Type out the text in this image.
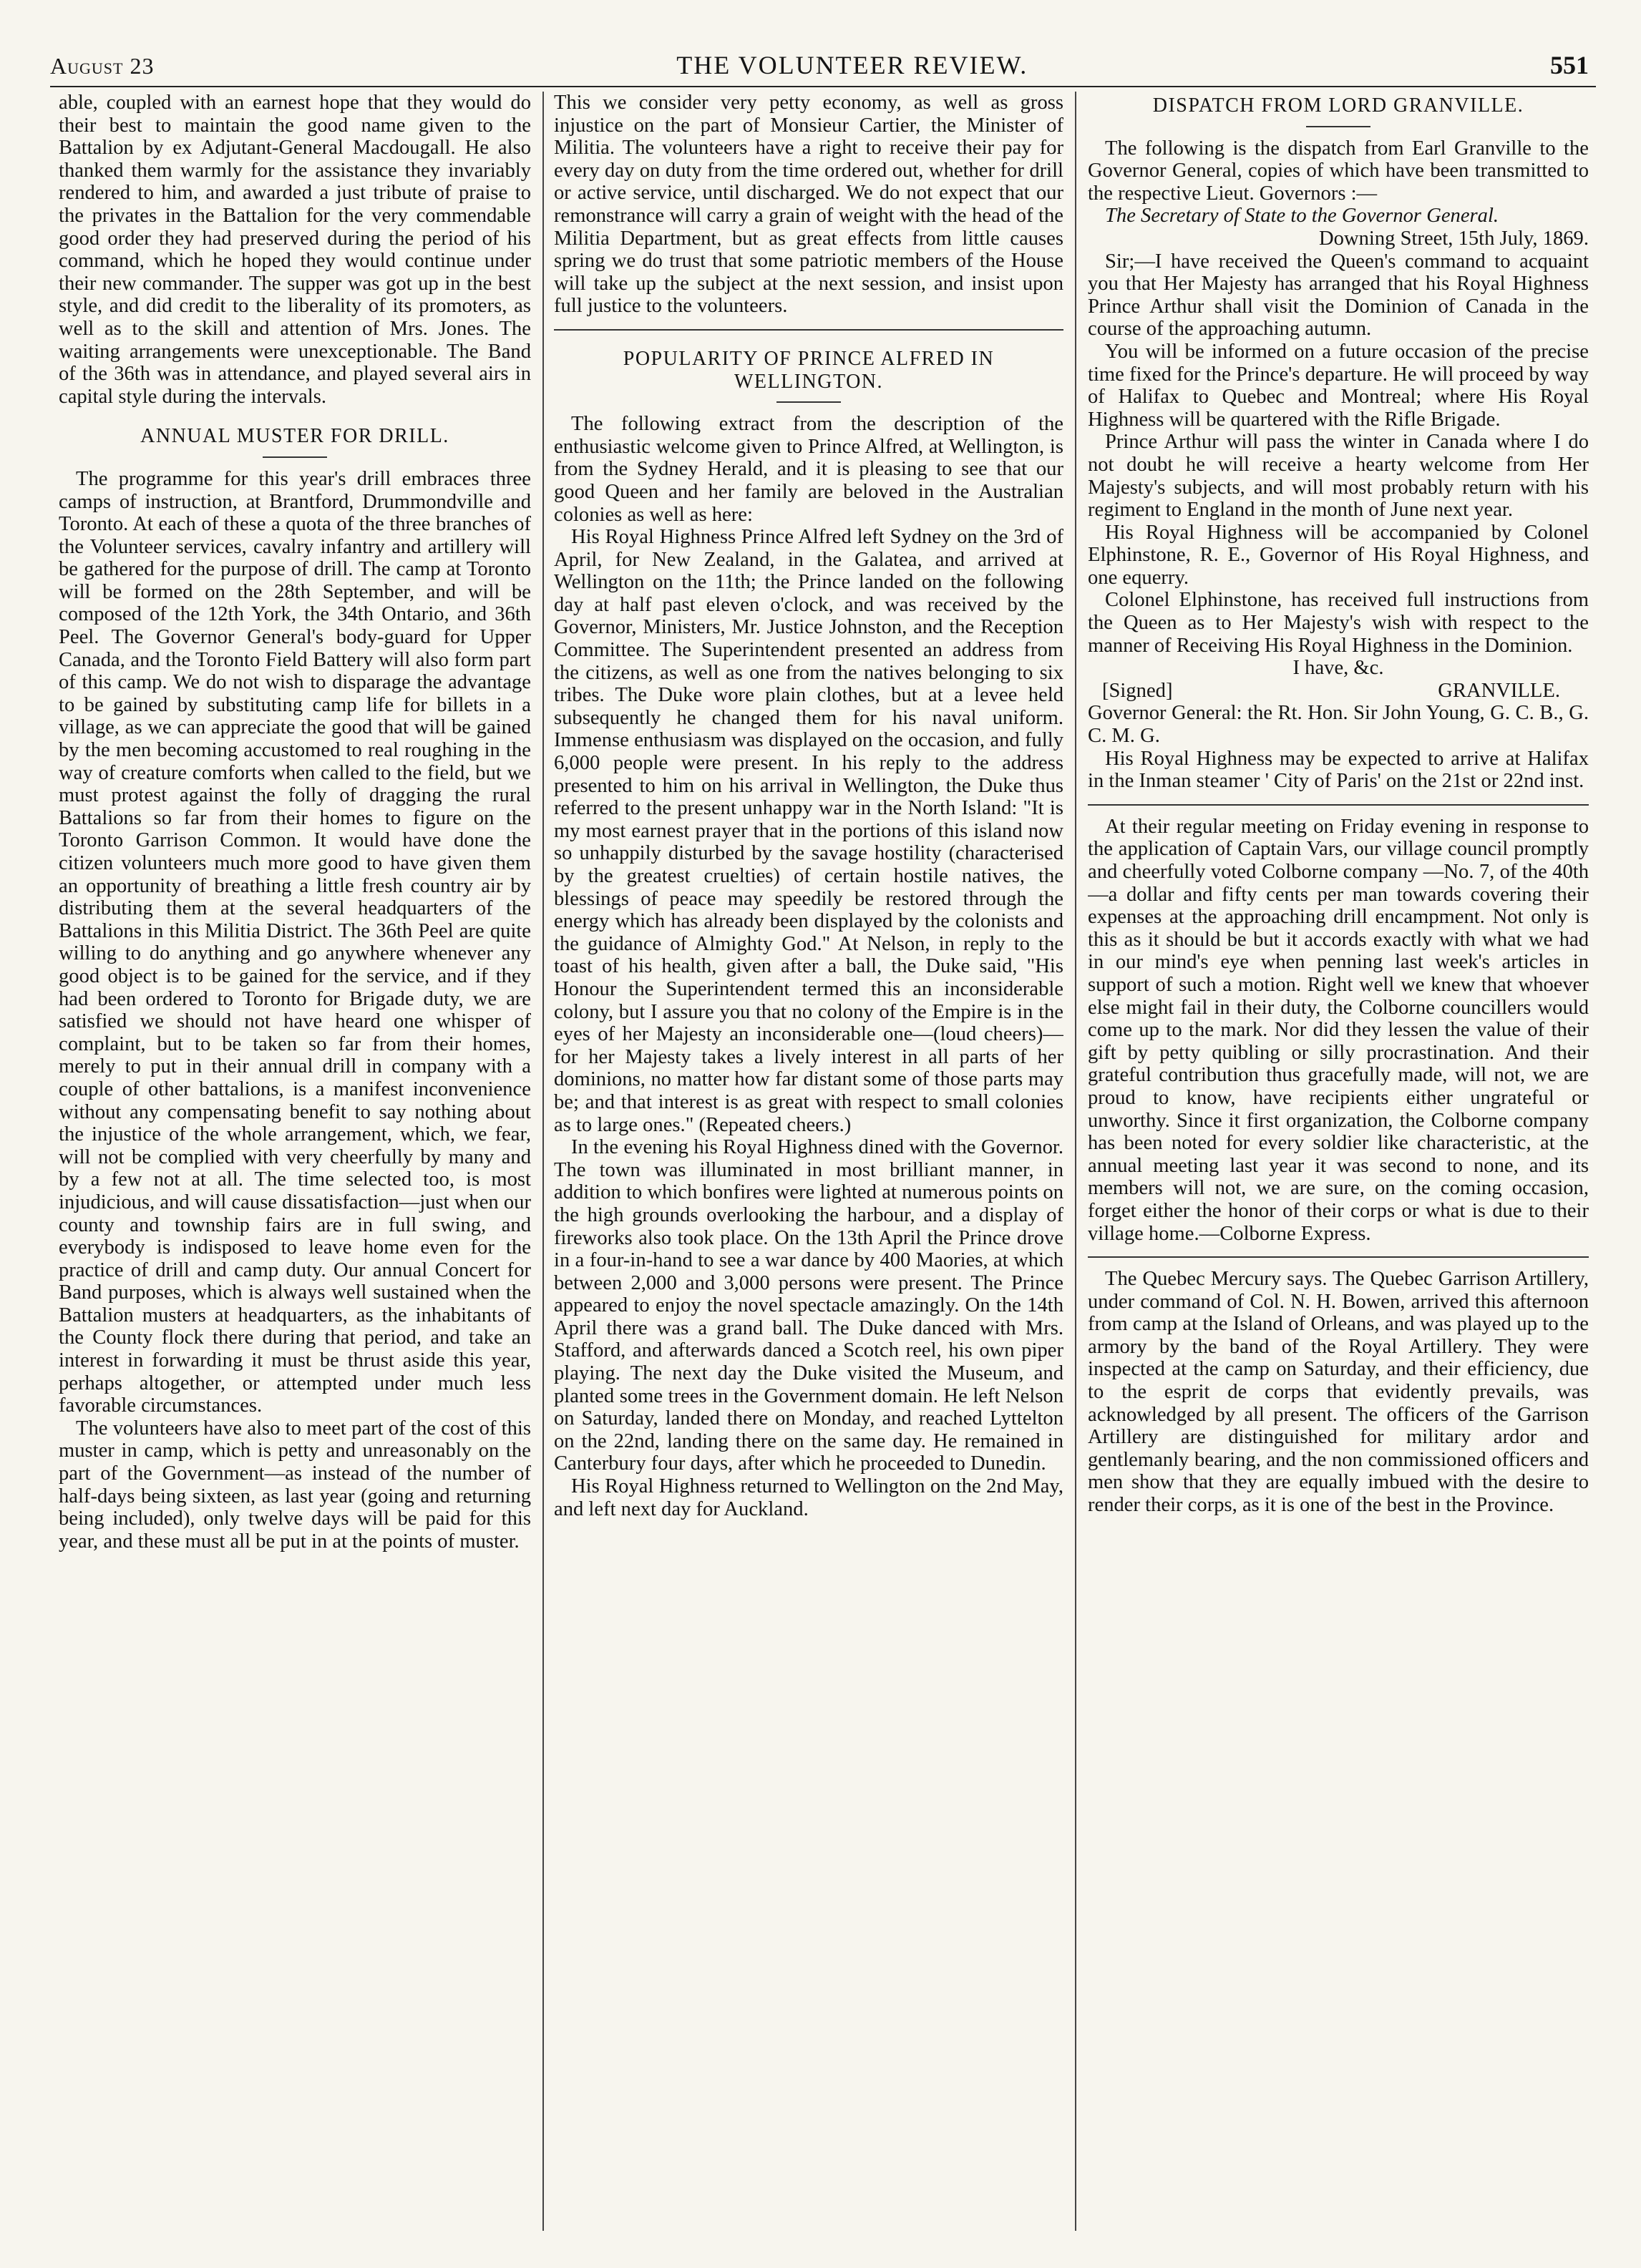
August 23	THE VOLUNTEER REVIEW.	551

able, coupled with an earnest hope that they would do their best to maintain the good name given to the Battalion by ex Adjutant-General Macdougall. He also thanked them warmly for the assistance they invariably rendered to him, and awarded a just tribute of praise to the privates in the Battalion for the very commendable good order they had preserved during the period of his command, which he hoped they would continue under their new commander. The supper was got up in the best style, and did credit to the liberality of its promoters, as well as to the skill and attention of Mrs. Jones. The waiting arrangements were unexceptionable. The Band of the 36th was in attendance, and played several airs in capital style during the intervals.

ANNUAL MUSTER FOR DRILL.

The programme for this year's drill embraces three camps of instruction, at Brantford, Drummondville and Toronto. At each of these a quota of the three branches of the Volunteer services, cavalry infantry and artillery will be gathered for the purpose of drill. The camp at Toronto will be formed on the 28th September, and will be composed of the 12th York, the 34th Ontario, and 36th Peel. The Governor General's body-guard for Upper Canada, and the Toronto Field Battery will also form part of this camp. We do not wish to disparage the advantage to be gained by substituting camp life for billets in a village, as we can appreciate the good that will be gained by the men becoming accustomed to real roughing in the way of creature comforts when called to the field, but we must protest against the folly of dragging the rural Battalions so far from their homes to figure on the Toronto Garrison Common. It would have done the citizen volunteers much more good to have given them an opportunity of breathing a little fresh country air by distributing them at the several headquarters of the Battalions in this Militia District. The 36th Peel are quite willing to do anything and go anywhere whenever any good object is to be gained for the service, and if they had been ordered to Toronto for Brigade duty, we are satisfied we should not have heard one whisper of complaint, but to be taken so far from their homes, merely to put in their annual drill in company with a couple of other battalions, is a manifest inconvenience without any compensating benefit to say nothing about the injustice of the whole arrangement, which, we fear, will not be complied with very cheerfully by many and by a few not at all. The time selected too, is most injudicious, and will cause dissatisfaction—just when our county and township fairs are in full swing, and everybody is indisposed to leave home even for the practice of drill and camp duty. Our annual Concert for Band purposes, which is always well sustained when the Battalion musters at headquarters, as the inhabitants of the County flock there during that period, and take an interest in forwarding it must be thrust aside this year, perhaps altogether, or attempted under much less favorable circumstances.

The volunteers have also to meet part of the cost of this muster in camp, which is petty and unreasonably on the part of the Government—as instead of the number of half-days being sixteen, as last year (going and returning being included), only twelve days will be paid for this year, and these must all be put in at the points of muster.

This we consider very petty economy, as well as gross injustice on the part of Monsieur Cartier, the Minister of Militia. The volunteers have a right to receive their pay for every day on duty from the time ordered out, whether for drill or active service, until discharged. We do not expect that our remonstrance will carry a grain of weight with the head of the Militia Department, but as great effects from little causes spring we do trust that some patriotic members of the House will take up the subject at the next session, and insist upon full justice to the volunteers.

POPULARITY OF PRINCE ALFRED IN WELLINGTON.

The following extract from the description of the enthusiastic welcome given to Prince Alfred, at Wellington, is from the Sydney Herald, and it is pleasing to see that our good Queen and her family are beloved in the Australian colonies as well as here:

His Royal Highness Prince Alfred left Sydney on the 3rd of April, for New Zealand, in the Galatea, and arrived at Wellington on the 11th; the Prince landed on the following day at half past eleven o'clock, and was received by the Governor, Ministers, Mr. Justice Johnston, and the Reception Committee. The Superintendent presented an address from the citizens, as well as one from the natives belonging to six tribes. The Duke wore plain clothes, but at a levee held subsequently he changed them for his naval uniform. Immense enthusiasm was displayed on the occasion, and fully 6,000 people were present. In his reply to the address presented to him on his arrival in Wellington, the Duke thus referred to the present unhappy war in the North Island: "It is my most earnest prayer that in the portions of this island now so unhappily disturbed by the savage hostility (characterised by the greatest cruelties) of certain hostile natives, the blessings of peace may speedily be restored through the energy which has already been displayed by the colonists and the guidance of Almighty God." At Nelson, in reply to the toast of his health, given after a ball, the Duke said, "His Honour the Superintendent termed this an inconsiderable colony, but I assure you that no colony of the Empire is in the eyes of her Majesty an inconsiderable one—(loud cheers)—for her Majesty takes a lively interest in all parts of her dominions, no matter how far distant some of those parts may be; and that interest is as great with respect to small colonies as to large ones." (Repeated cheers.)

In the evening his Royal Highness dined with the Governor. The town was illuminated in most brilliant manner, in addition to which bonfires were lighted at numerous points on the high grounds overlooking the harbour, and a display of fireworks also took place. On the 13th April the Prince drove in a four-in-hand to see a war dance by 400 Maories, at which between 2,000 and 3,000 persons were present. The Prince appeared to enjoy the novel spectacle amazingly. On the 14th April there was a grand ball. The Duke danced with Mrs. Stafford, and afterwards danced a Scotch reel, his own piper playing. The next day the Duke visited the Museum, and planted some trees in the Government domain. He left Nelson on Saturday, landed there on Monday, and reached Lyttelton on the 22nd, landing there on the same day. He remained in Canterbury four days, after which he proceeded to Dunedin.

His Royal Highness returned to Wellington on the 2nd May, and left next day for Auckland.

DISPATCH FROM LORD GRANVILLE.

The following is the dispatch from Earl Granville to the Governor General, copies of which have been transmitted to the respective Lieut. Governors :—

The Secretary of State to the Governor General.

Downing Street, 15th July, 1869.

Sir;—I have received the Queen's command to acquaint you that Her Majesty has arranged that his Royal Highness Prince Arthur shall visit the Dominion of Canada in the course of the approaching autumn.

You will be informed on a future occasion of the precise time fixed for the Prince's departure. He will proceed by way of Halifax to Quebec and Montreal; where His Royal Highness will be quartered with the Rifle Brigade.

Prince Arthur will pass the winter in Canada where I do not doubt he will receive a hearty welcome from Her Majesty's subjects, and will most probably return with his regiment to England in the month of June next year.

His Royal Highness will be accompanied by Colonel Elphinstone, R. E., Governor of His Royal Highness, and one equerry.

Colonel Elphinstone, has received full instructions from the Queen as to Her Majesty's wish with respect to the manner of Receiving His Royal Highness in the Dominion.

I have, &c.

[Signed]	GRANVILLE.

Governor General: the Rt. Hon. Sir John Young, G. C. B., G. C. M. G.

His Royal Highness may be expected to arrive at Halifax in the Inman steamer ' City of Paris' on the 21st or 22nd inst.

At their regular meeting on Friday evening in response to the application of Captain Vars, our village council promptly and cheerfully voted Colborne company —No. 7, of the 40th—a dollar and fifty cents per man towards covering their expenses at the approaching drill encampment. Not only is this as it should be but it accords exactly with what we had in our mind's eye when penning last week's articles in support of such a motion. Right well we knew that whoever else might fail in their duty, the Colborne councillers would come up to the mark. Nor did they lessen the value of their gift by petty quibling or silly procrastination. And their grateful contribution thus gracefully made, will not, we are proud to know, have recipients either ungrateful or unworthy. Since it first organization, the Colborne company has been noted for every soldier like characteristic, at the annual meeting last year it was second to none, and its members will not, we are sure, on the coming occasion, forget either the honor of their corps or what is due to their village home.—Colborne Express.

The Quebec Mercury says. The Quebec Garrison Artillery, under command of Col. N. H. Bowen, arrived this afternoon from camp at the Island of Orleans, and was played up to the armory by the band of the Royal Artillery. They were inspected at the camp on Saturday, and their efficiency, due to the esprit de corps that evidently prevails, was acknowledged by all present. The officers of the Garrison Artillery are distinguished for military ardor and gentlemanly bearing, and the non commissioned officers and men show that they are equally imbued with the desire to render their corps, as it is one of the best in the Province.
